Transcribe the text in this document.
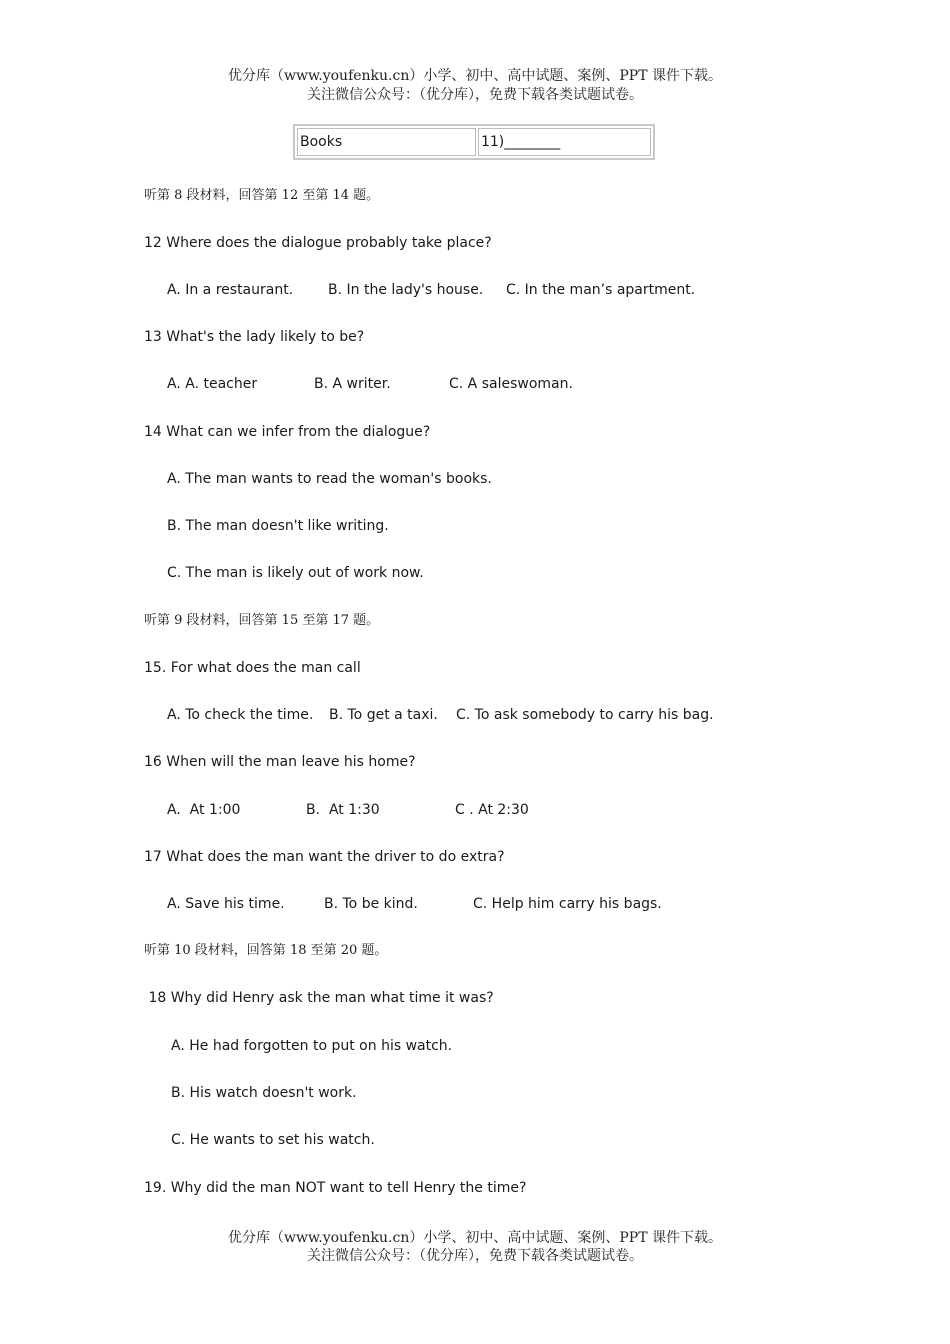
优分库（www.youfenku.cn）小学、初中、高中试题、案例、PPT 课件下载。
关注微信公众号：（优分库），免费下载各类试题试卷。
Books	11)________
听第 8 段材料，回答第 12 至第 14 题。
12 Where does the dialogue probably take place?
A. In a restaurant. B. In the lady's house. C. In the man’s apartment.
13 What's the lady likely to be?
A. A. teacher	B. A writer.	C. A saleswoman.
14 What can we infer from the dialogue?
A. The man wants to read the woman's books.
B. The man doesn't like writing.
C. The man is likely out of work now.
听第 9 段材料，回答第 15 至第 17 题。
15. For what does the man call
A. To check the time. B. To get a taxi. C. To ask somebody to carry his bag.
16 When will the man leave his home?
A.  At 1:00	B.  At 1:30	C . At 2:30
17 What does the man want the driver to do extra?
A. Save his time.	B. To be kind.	C. Help him carry his bags.
听第 10 段材料，回答第 18 至第 20 题。
18 Why did Henry ask the man what time it was?
A. He had forgotten to put on his watch.
B. His watch doesn't work.
C. He wants to set his watch.
19. Why did the man NOT want to tell Henry the time?
优分库（www.youfenku.cn）小学、初中、高中试题、案例、PPT 课件下载。
关注微信公众号：（优分库），免费下载各类试题试卷。
